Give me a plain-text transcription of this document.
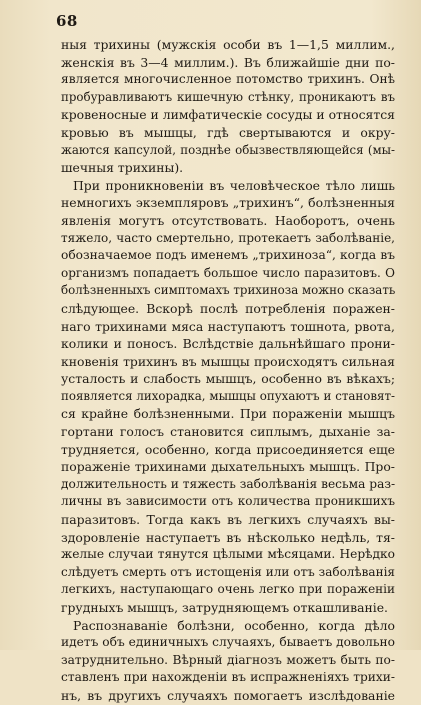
68
ныя трихины (мужскія особи въ 1—1,5 миллим.,
женскія въ 3—4 миллим.). Въ ближайшіе дни по-
является многочисленное потомство трихинъ. Онѣ
пробуравливаютъ кишечную стѣнку, проникаютъ въ
кровеносные и лимфатическіе сосуды и относятся
кровью въ мышцы, гдѣ свертываются и окру-
жаются капсулой, позднѣе обызвествляющейся (мы-
шечныя трихины).
При проникновеніи въ человѣческое тѣло лишь
немногихъ экземпляровъ „трихинъ“, болѣзненныя
явленія могутъ отсутствовать. Наоборотъ, очень
тяжело, часто смертельно, протекаетъ заболѣваніе,
обозначаемое подъ именемъ „трихиноза“, когда въ
организмъ попадаетъ большое число паразитовъ. О
болѣзненныхъ симптомахъ трихиноза можно сказать
слѣдующее. Вскорѣ послѣ потребленія поражен-
наго трихинами мяса наступаютъ тошнота, рвота,
колики и поносъ. Вслѣдствіе дальнѣйшаго прони-
кновенія трихинъ въ мышцы происходятъ сильная
усталость и слабость мышцъ, особенно въ вѣкахъ;
появляется лихорадка, мышцы опухаютъ и становят-
ся крайне болѣзненными. При пораженіи мышцъ
гортани голосъ становится сиплымъ, дыханіе за-
трудняется, особенно, когда присоединяется еще
пораженіе трихинами дыхательныхъ мышцъ. Про-
должительность и тяжесть заболѣванія весьма раз-
личны въ зависимости отъ количества проникшихъ
паразитовъ. Тогда какъ въ легкихъ случаяхъ вы-
здоровленіе наступаетъ въ нѣсколько недѣль, тя-
желые случаи тянутся цѣлыми мѣсяцами. Нерѣдко
слѣдуетъ смерть отъ истощенія или отъ заболѣванія
легкихъ, наступающаго очень легко при пораженіи
грудныхъ мышцъ, затрудняющемъ откашливаніе.
Распознаваніе болѣзни, особенно, когда дѣло
идетъ объ единичныхъ случаяхъ, бываетъ довольно
затруднительно. Вѣрный діагнозъ можетъ быть по-
ставленъ при нахожденіи въ испражненіяхъ трихи-
нъ, въ другихъ случаяхъ помогаетъ изслѣдованіе
